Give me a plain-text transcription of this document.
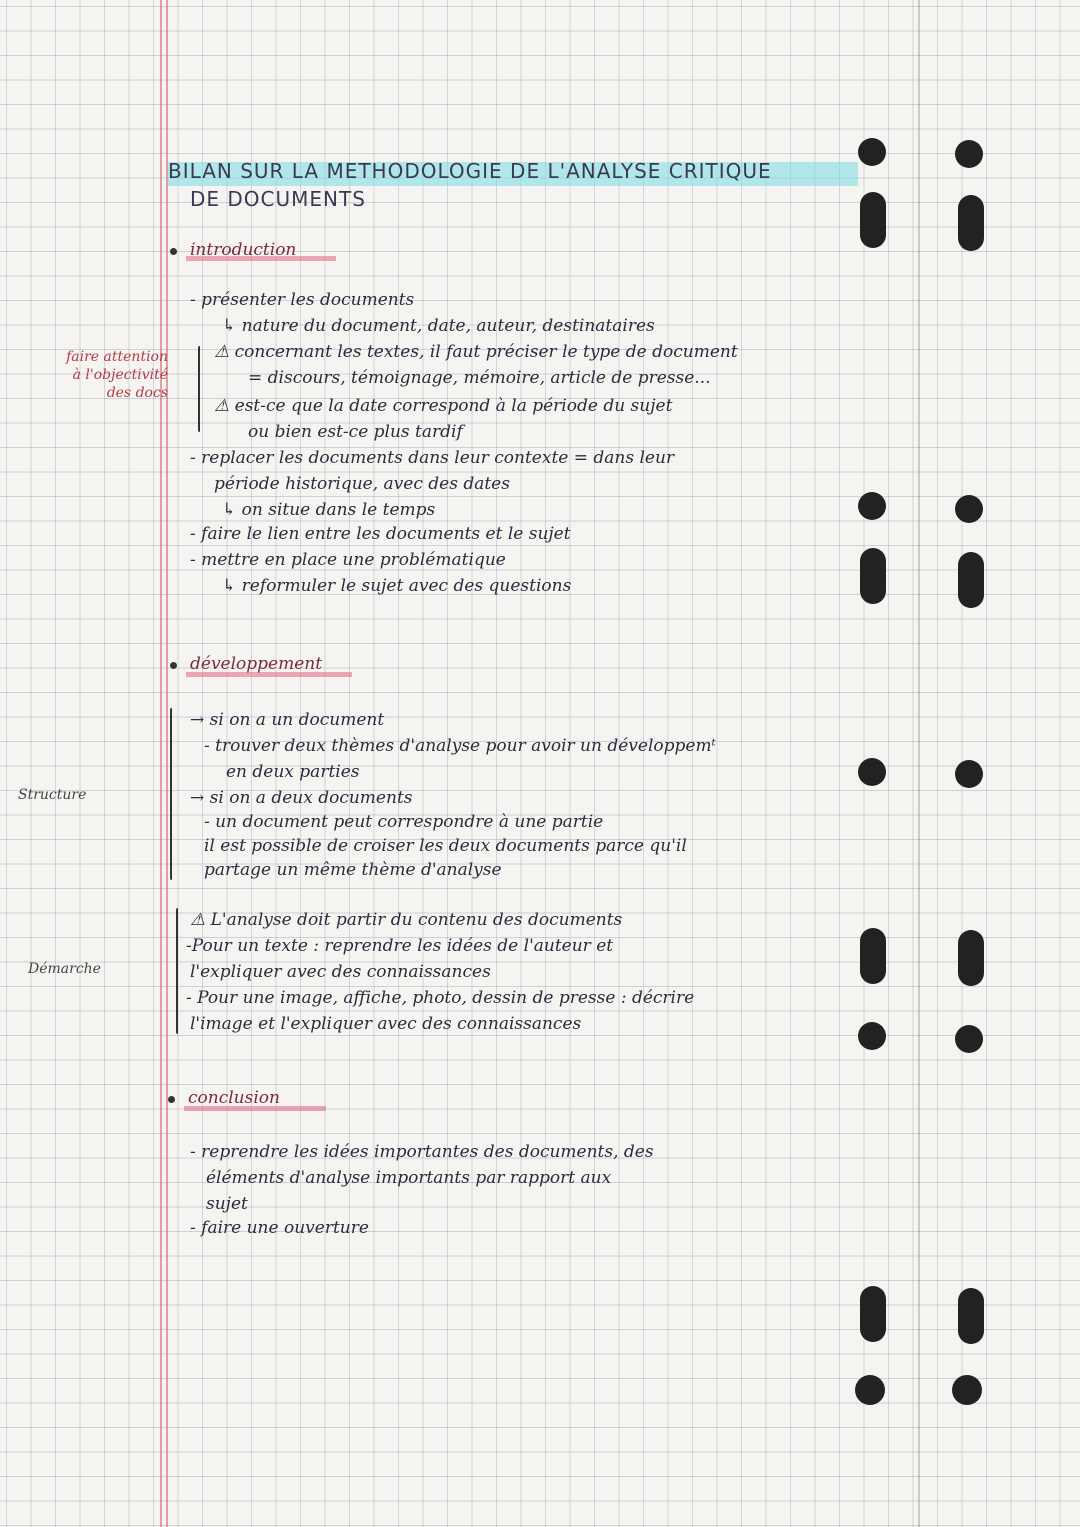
BILAN SUR LA METHODOLOGIE DE L'ANALYSE CRITIQUE
DE DOCUMENTS
introduction
- présenter les documents
↳ nature du document, date, auteur, destinataires
⚠ concernant les textes, il faut préciser le type de document
= discours, témoignage, mémoire, article de presse...
⚠ est-ce que la date correspond à la période du sujet
ou bien est-ce plus tardif
- replacer les documents dans leur contexte = dans leur
période historique, avec des dates
↳ on situe dans le temps
- faire le lien entre les documents et le sujet
- mettre en place une problématique
↳ reformuler le sujet avec des questions
faire attention
à l'objectivité
des docs
développement
Structure
→ si on a un document
- trouver deux thèmes d'analyse pour avoir un développemᵗ
en deux parties
→ si on a deux documents
- un document peut correspondre à une partie
il est possible de croiser les deux documents parce qu'il
partage un même thème d'analyse
Démarche
⚠ L'analyse doit partir du contenu des documents
-Pour un texte : reprendre les idées de l'auteur et
l'expliquer avec des connaissances
- Pour une image, affiche, photo, dessin de presse : décrire
l'image et l'expliquer avec des connaissances
conclusion
- reprendre les idées importantes des documents, des
éléments d'analyse importants par rapport aux
sujet
- faire une ouverture
